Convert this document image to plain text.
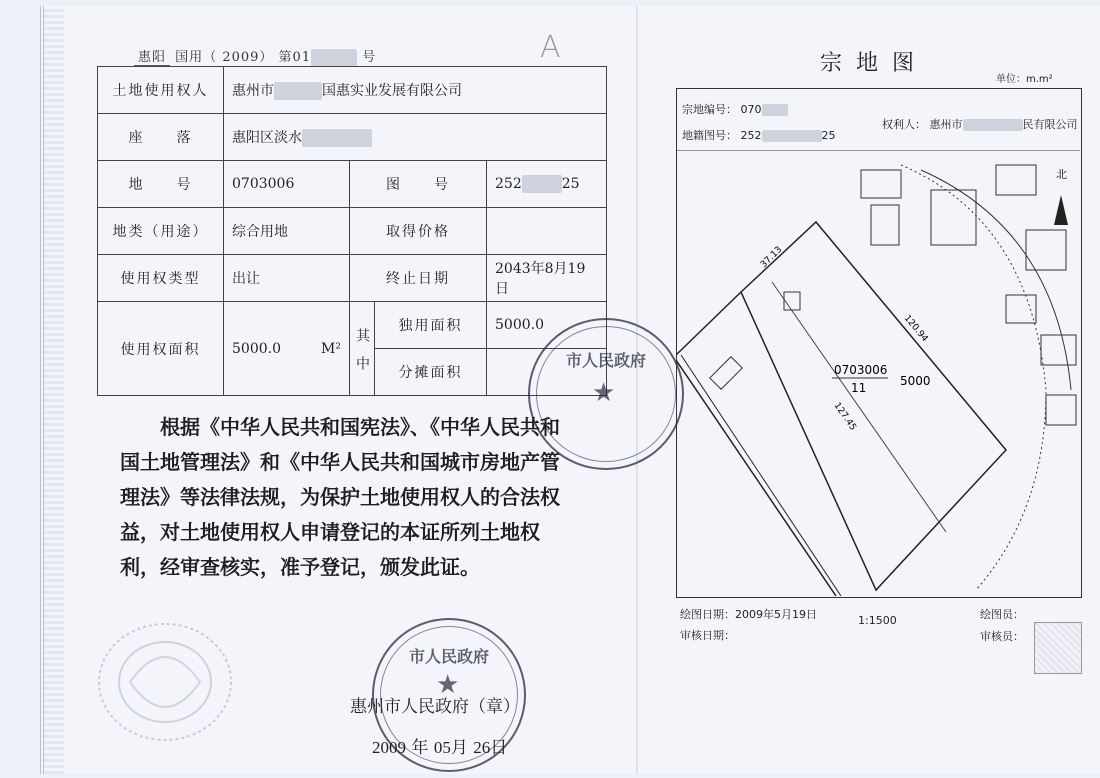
惠阳 国用（ 2009） 第01	号	A
土地使用权人	惠州市 国惠实业发展有限公司			
座　　落	惠阳区淡水			
地　　号	0703006	图　　号		252 25
地类（用途）	综合用地	取得价格		
使用权类型	出让	终止日期		2043年8月19日
使用权面积	5000.0 M²	其　中	独用面积	5000.0
			分摊面积	
根据《中华人民共和国宪法》、《中华人民共和国土地管理法》和《中华人民共和国城市房地产管理法》等法律法规，为保护土地使用权人的合法权益，对土地使用权人申请登记的本证所列土地权利，经审查核实，准予登记，颁发此证。
市人民政府
★
市人民政府
★
惠州市人民政府（章）
2009 年 05月 26日
宗地图
单位：m.m²
宗地编号： 070
地籍图号： 252	25
权利人： 惠州市	民有限公司
北
0703006
11	5000
37.13
120.94
127.45
绘图日期：2009年5月19日
审核日期：
1:1500	绘图员：
审核员：
